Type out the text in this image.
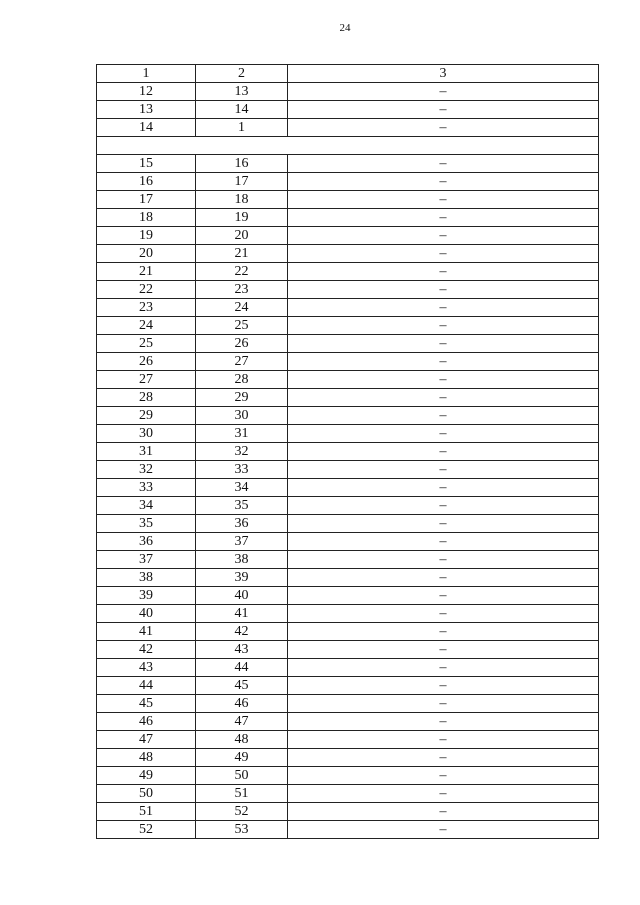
24
1	2	3
12	13	–
13	14	–
14	1	–

15	16	–
16	17	–
17	18	–
18	19	–
19	20	–
20	21	–
21	22	–
22	23	–
23	24	–
24	25	–
25	26	–
26	27	–
27	28	–
28	29	–
29	30	–
30	31	–
31	32	–
32	33	–
33	34	–
34	35	–
35	36	–
36	37	–
37	38	–
38	39	–
39	40	–
40	41	–
41	42	–
42	43	–
43	44	–
44	45	–
45	46	–
46	47	–
47	48	–
48	49	–
49	50	–
50	51	–
51	52	–
52	53	–
